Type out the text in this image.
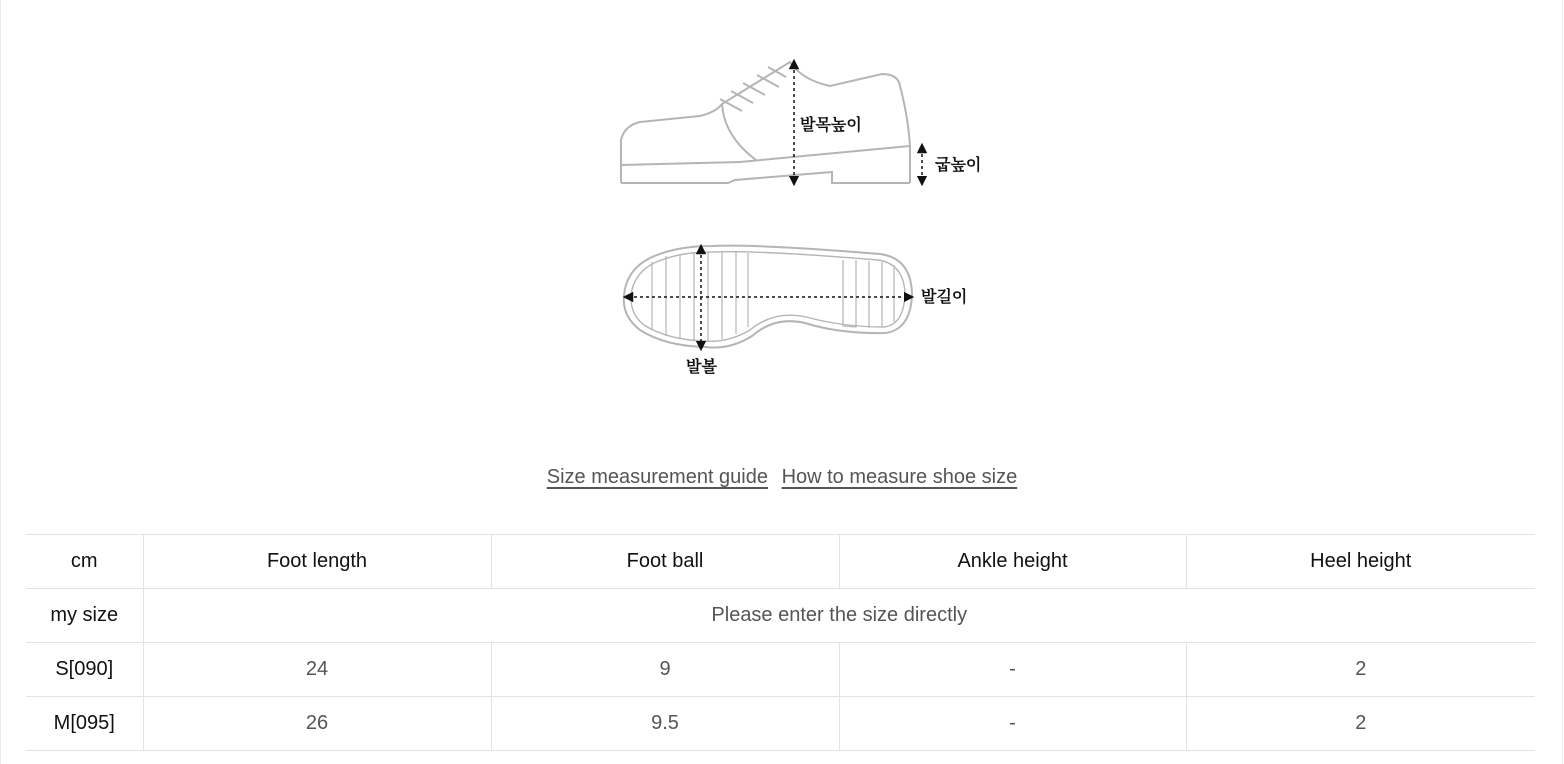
발목높이
굽높이
발길이
발볼
Size measurement guide How to measure shoe size
cm	Foot length	Foot ball	Ankle height	Heel height
my size	Please enter the size directly			
S[090]	24	9	-	2
M[095]	26	9.5	-	2
